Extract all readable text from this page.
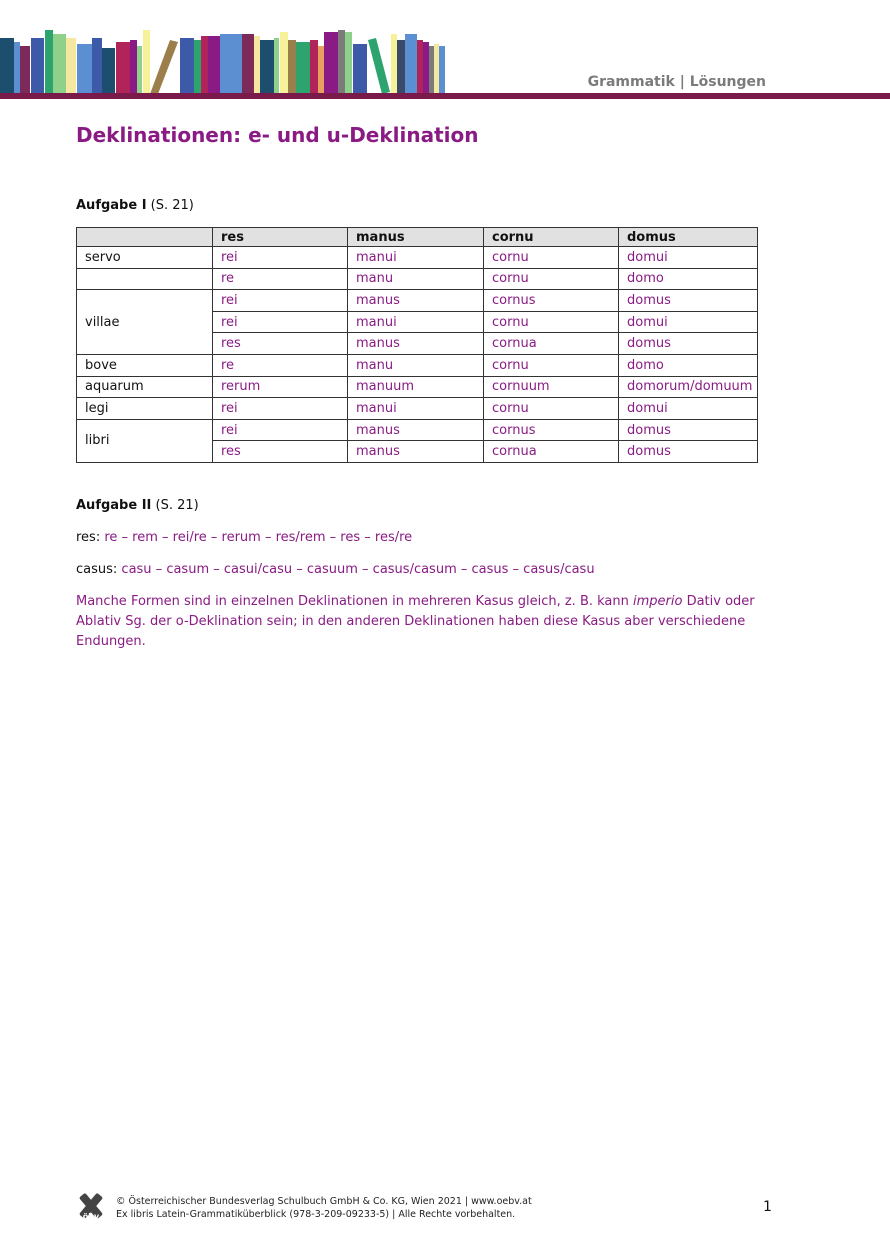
Grammatik | Lösungen
Deklinationen: e- und u-Deklination
Aufgabe I (S. 21)
	res	manus	cornu	domus
servo	rei	manui	cornu	domui
	re	manu	cornu	domo
villae	rei	manus	cornus	domus
	rei	manui	cornu	domui
	res	manus	cornua	domus
bove	re	manu	cornu	domo
aquarum	rerum	manuum	cornuum	domorum/domuum
legi	rei	manui	cornu	domui
libri	rei	manus	cornus	domus
	res	manus	cornua	domus
Aufgabe II (S. 21)
res: re – rem – rei/re – rerum – res/rem – res – res/re
casus: casu – casum – casui/casu – casuum – casus/casum – casus – casus/casu
Manche Formen sind in einzelnen Deklinationen in mehreren Kasus gleich, z. B. kann imperio Dativ oder Ablativ Sg. der o-Deklination sein; in den anderen Deklinationen haben diese Kasus aber verschiedene Endungen.
öbv
© Österreichischer Bundesverlag Schulbuch GmbH & Co. KG, Wien 2021 | www.oebv.at
Ex libris Latein-Grammatiküberblick (978-3-209-09233-5) | Alle Rechte vorbehalten.	1
